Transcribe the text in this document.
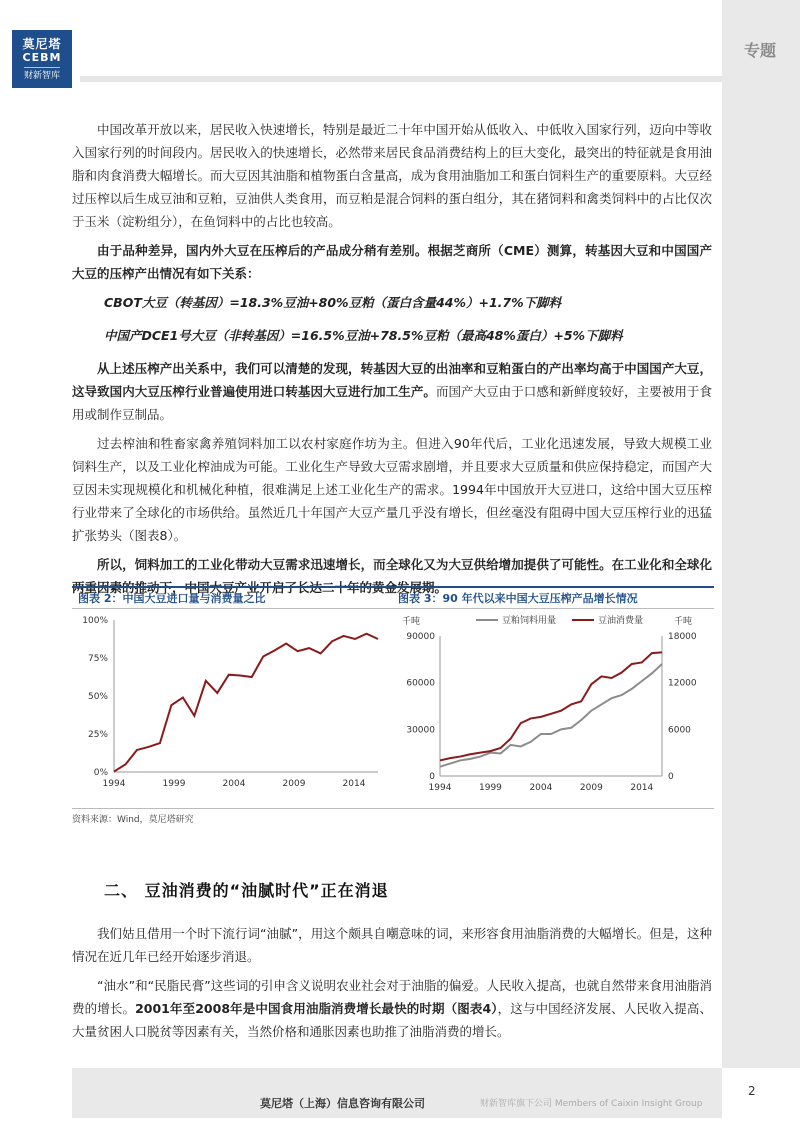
莫尼塔
CEBM
财新智库
专题

中国改革开放以来，居民收入快速增长，特别是最近二十年中国开始从低收入、中低收入国家行列，迈向中等收入国家行列的时间段内。居民收入的快速增长，必然带来居民食品消费结构上的巨大变化，最突出的特征就是食用油脂和肉食消费大幅增长。而大豆因其油脂和植物蛋白含量高，成为食用油脂加工和蛋白饲料生产的重要原料。大豆经过压榨以后生成豆油和豆粕，豆油供人类食用，而豆粕是混合饲料的蛋白组分，其在猪饲料和禽类饲料中的占比仅次于玉米（淀粉组分），在鱼饲料中的占比也较高。

由于品种差异，国内外大豆在压榨后的产品成分稍有差别。根据芝商所（CME）测算，转基因大豆和中国国产大豆的压榨产出情况有如下关系：

CBOT大豆（转基因）=18.3%豆油+80%豆粕（蛋白含量44%）+1.7%下脚料
中国产DCE1号大豆（非转基因）=16.5%豆油+78.5%豆粕（最高48%蛋白）+5%下脚料

从上述压榨产出关系中，我们可以清楚的发现，转基因大豆的出油率和豆粕蛋白的产出率均高于中国国产大豆，这导致国内大豆压榨行业普遍使用进口转基因大豆进行加工生产。而国产大豆由于口感和新鲜度较好，主要被用于食用或制作豆制品。

过去榨油和牲畜家禽养殖饲料加工以农村家庭作坊为主。但进入90年代后，工业化迅速发展，导致大规模工业饲料生产，以及工业化榨油成为可能。工业化生产导致大豆需求剧增，并且要求大豆质量和供应保持稳定，而国产大豆因未实现规模化和机械化种植，很难满足上述工业化生产的需求。1994年中国放开大豆进口，这给中国大豆压榨行业带来了全球化的市场供给。虽然近几十年国产大豆产量几乎没有增长，但丝毫没有阻碍中国大豆压榨行业的迅猛扩张势头（图表8）。

所以，饲料加工的工业化带动大豆需求迅速增长，而全球化又为大豆供给增加提供了可能性。在工业化和全球化两重因素的推动下，中国大豆产业开启了长达二十年的黄金发展期。

图表 2：中国大豆进口量与消费量之比	图表 3：90 年代以来中国大豆压榨产品增长情况
0%
25%
50%
75%
100%
1994	1999	2004	2009	2014
千吨	千吨
0
30000
60000
90000
0
6000
12000
18000
1994	1999	2004	2009	2014
豆粕饲料用量	豆油消费量
资料来源：Wind，莫尼塔研究
二、 豆油消费的“油腻时代”正在消退

我们姑且借用一个时下流行词“油腻”，用这个颇具自嘲意味的词，来形容食用油脂消费的大幅增长。但是，这种情况在近几年已经开始逐步消退。

“油水”和“民脂民膏”这些词的引申含义说明农业社会对于油脂的偏爱。人民收入提高，也就自然带来食用油脂消费的增长。2001年至2008年是中国食用油脂消费增长最快的时期（图表4），这与中国经济发展、人民收入提高、大量贫困人口脱贫等因素有关，当然价格和通胀因素也助推了油脂消费的增长。

莫尼塔（上海）信息咨询有限公司	财新智库旗下公司 Members of Caixin Insight Group
2
